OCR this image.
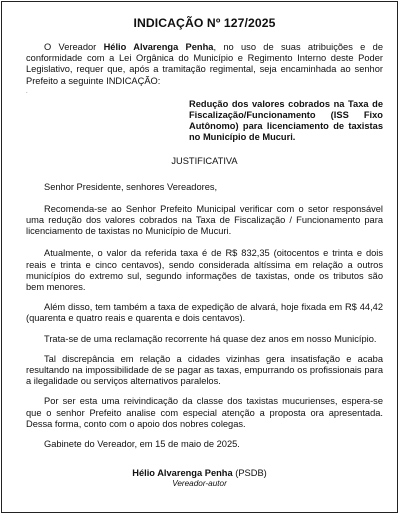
INDICAÇÃO Nº 127/2025

O Vereador Hélio Alvarenga Penha, no uso de suas atribuições e de conformidade com a Lei Orgânica do Município e Regimento Interno deste Poder Legislativo, requer que, após a tramitação regimental, seja encaminhada ao senhor Prefeito a seguinte INDICAÇÃO:

.
Redução dos valores cobrados na Taxa de Fiscalização/Funcionamento (ISS Fixo Autônomo) para licenciamento de taxistas no Município de Mucuri.
JUSTIFICATIVA

Senhor Presidente, senhores Vereadores,

Recomenda-se ao Senhor Prefeito Municipal verificar com o setor responsável uma redução dos valores cobrados na Taxa de Fiscalização / Funcionamento para licenciamento de taxistas no Município de Mucuri.

Atualmente, o valor da referida taxa é de R$ 832,35 (oitocentos e trinta e dois reais e trinta e cinco centavos), sendo considerada altíssima em relação a outros municípios do extremo sul, segundo informações de taxistas, onde os tributos são bem menores.

Além disso, tem também a taxa de expedição de alvará, hoje fixada em R$ 44,42 (quarenta e quatro reais e quarenta e dois centavos).

Trata-se de uma reclamação recorrente há quase dez anos em nosso Município.

Tal discrepância em relação a cidades vizinhas gera insatisfação e acaba resultando na impossibilidade de se pagar as taxas, empurrando os profissionais para a ilegalidade ou serviços alternativos paralelos.

Por ser esta uma reivindicação da classe dos taxistas mucurienses, espera-se que o senhor Prefeito analise com especial atenção a proposta ora apresentada. Dessa forma, conto com o apoio dos nobres colegas.

Gabinete do Vereador, em 15 de maio de 2025.

Hélio Alvarenga Penha (PSDB)
Vereador-autor
